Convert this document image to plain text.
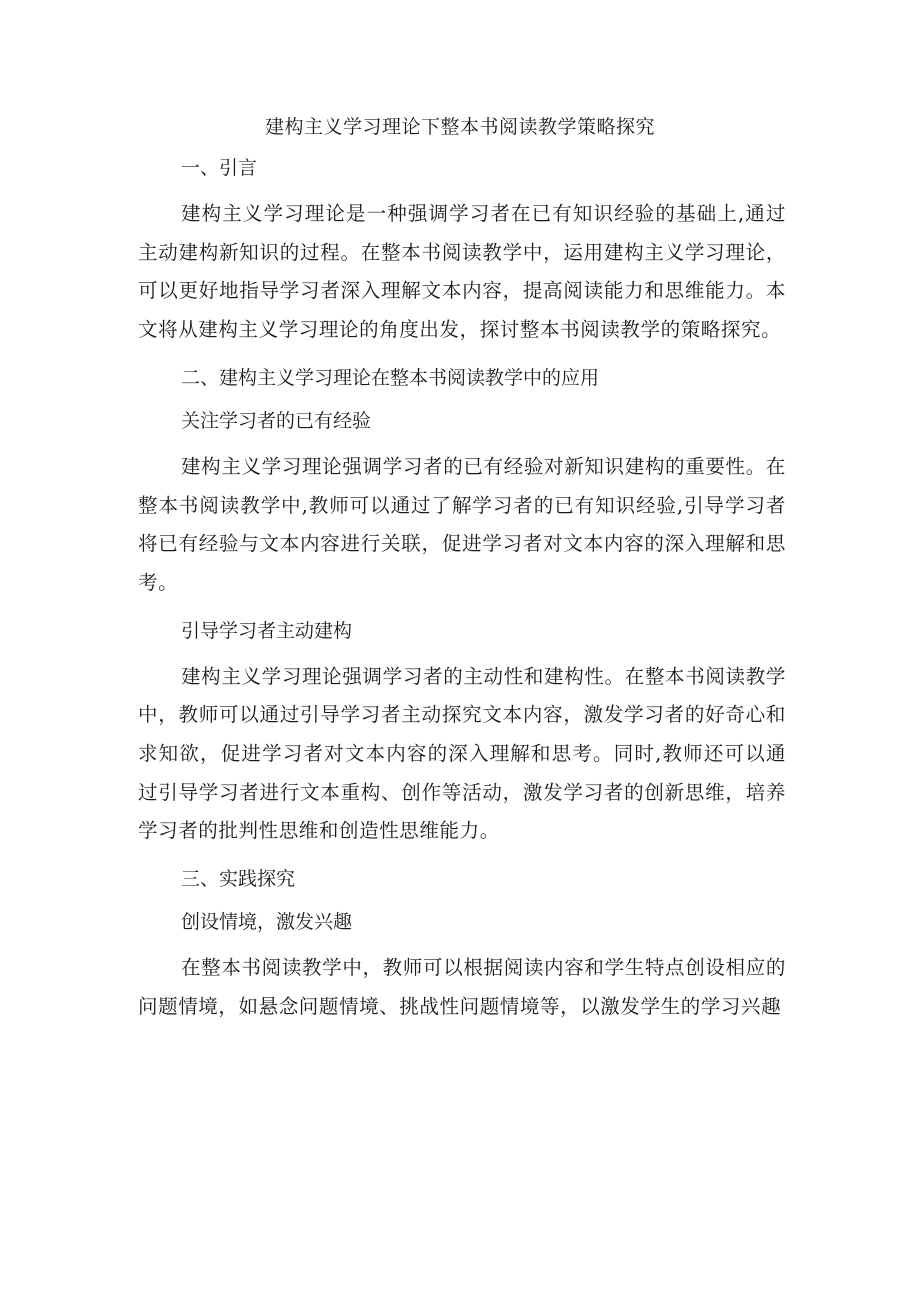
建构主义学习理论下整本书阅读教学策略探究
一、引言

建构主义学习理论是一种强调学习者在已有知识经验的基础上,通过主动建构新知识的过程。在整本书阅读教学中，运用建构主义学习理论，可以更好地指导学习者深入理解文本内容，提高阅读能力和思维能力。本文将从建构主义学习理论的角度出发，探讨整本书阅读教学的策略探究。

二、建构主义学习理论在整本书阅读教学中的应用
关注学习者的已有经验

建构主义学习理论强调学习者的已有经验对新知识建构的重要性。在整本书阅读教学中,教师可以通过了解学习者的已有知识经验,引导学习者将已有经验与文本内容进行关联，促进学习者对文本内容的深入理解和思考。

引导学习者主动建构

建构主义学习理论强调学习者的主动性和建构性。在整本书阅读教学中，教师可以通过引导学习者主动探究文本内容，激发学习者的好奇心和求知欲，促进学习者对文本内容的深入理解和思考。同时,教师还可以通过引导学习者进行文本重构、创作等活动，激发学习者的创新思维，培养学习者的批判性思维和创造性思维能力。

三、实践探究
创设情境，激发兴趣

在整本书阅读教学中，教师可以根据阅读内容和学生特点创设相应的问题情境，如悬念问题情境、挑战性问题情境等，以激发学生的学习兴趣
